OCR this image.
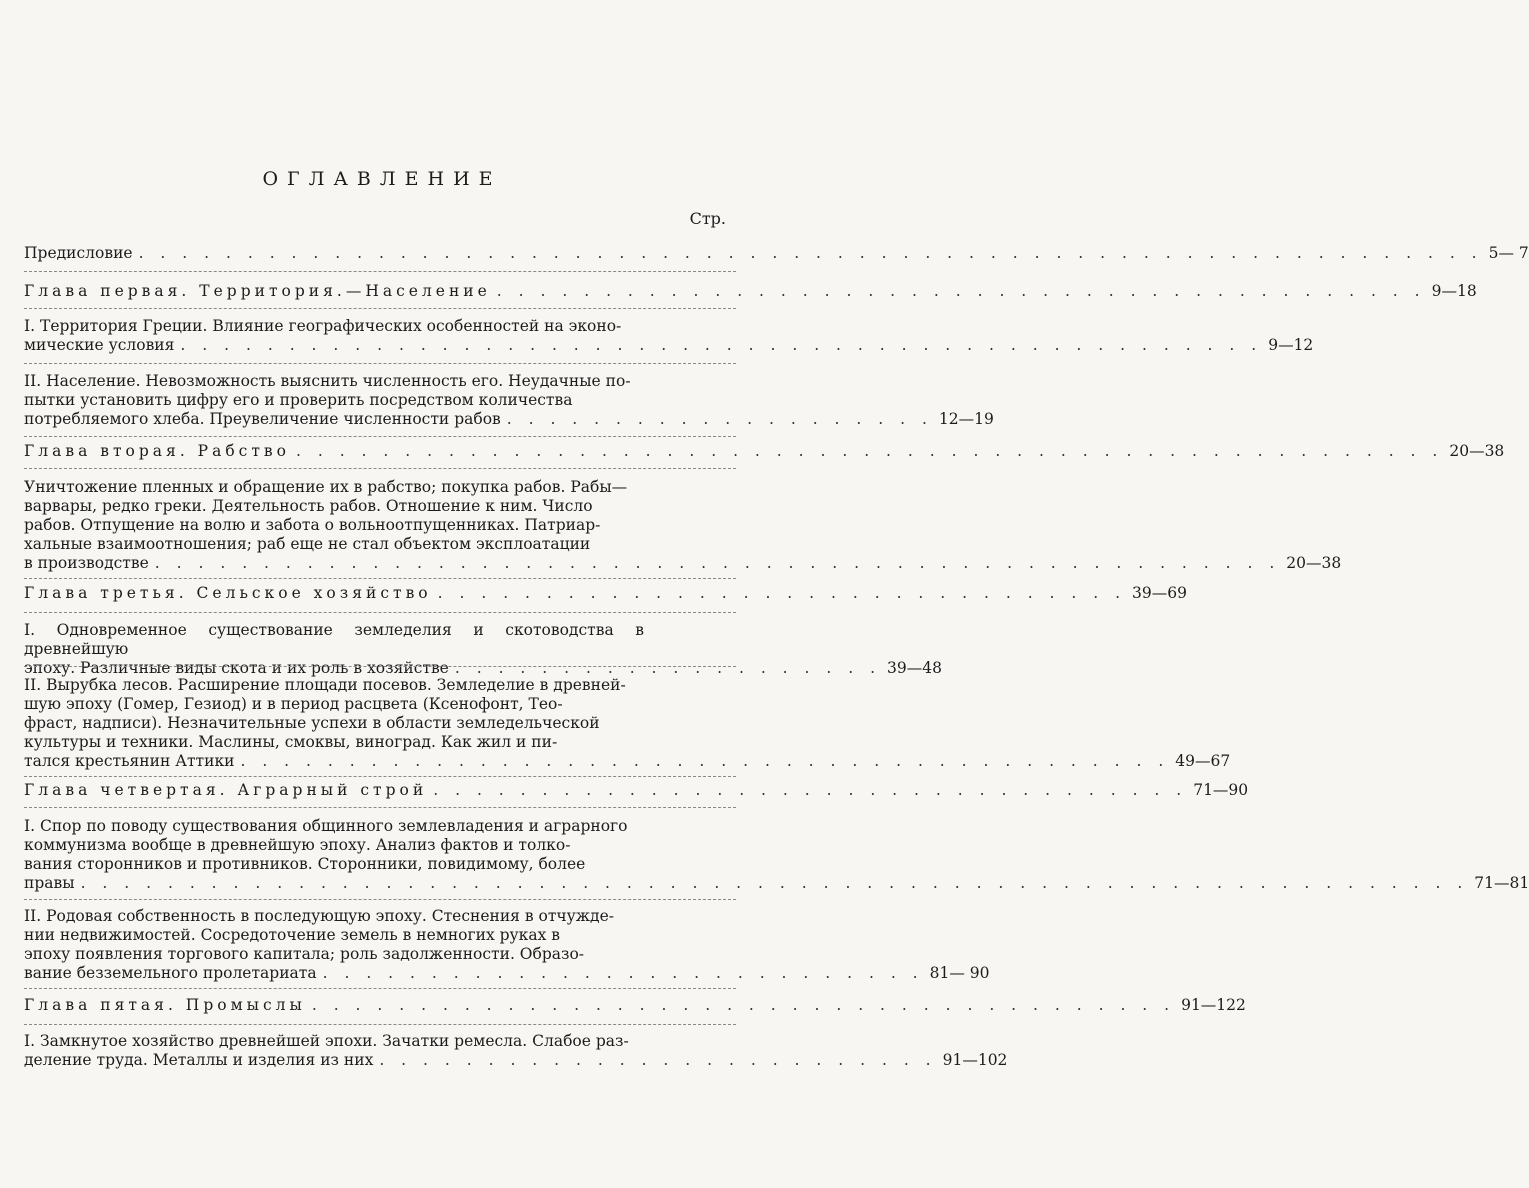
ОГЛАВЛЕНИЕ
Стр.
Предисловие . . . . . . . . . . . . . . . . . . . . . . . . . . . . . . . . . . . . . . . . . . . . . . . . . . . . . . . . . . . . . . 5— 7
Глава первая. Территория.—Население . . . . . . . . . . . . . . . . . . . . . . . . . . . . . . . . . . . . . . . . . . . 9—18
I. Территория Греции. Влияние географических особенностей на эконо-
мические условия . . . . . . . . . . . . . . . . . . . . . . . . . . . . . . . . . . . . . . . . . . . . . . . . . . 9—12
II. Население. Невозможность выяснить численность его. Неудачные по-
пытки установить цифру его и проверить посредством количества
потребляемого хлеба. Преувеличение численности рабов . . . . . . . . . . . . . . . . . . . . 12—19
Глава вторая. Рабство . . . . . . . . . . . . . . . . . . . . . . . . . . . . . . . . . . . . . . . . . . . . . . . . . . . . . 20—38
Уничтожение пленных и обращение их в рабство; покупка рабов. Рабы—
варвары, редко греки. Деятельность рабов. Отношение к ним. Число
рабов. Отпущение на волю и забота о вольноотпущенниках. Патриар-
хальные взаимоотношения; раб еще не стал объектом эксплоатации
в производстве . . . . . . . . . . . . . . . . . . . . . . . . . . . . . . . . . . . . . . . . . . . . . . . . . . . . 20—38
Глава третья. Сельское хозяйство . . . . . . . . . . . . . . . . . . . . . . . . . . . . . . . . 39—69
I. Одновременное существование земледелия и скотоводства в древнейшую
эпоху. Различные виды скота и их роль в хозяйстве . . . . . . . . . . . . . . . . . . . . 39—48
II. Вырубка лесов. Расширение площади посевов. Земледелие в древней-
шую эпоху (Гомер, Гезиод) и в период расцвета (Ксенофонт, Тео-
фраст, надписи). Незначительные успехи в области земледельческой
культуры и техники. Маслины, смоквы, виноград. Как жил и пи-
тался крестьянин Аттики . . . . . . . . . . . . . . . . . . . . . . . . . . . . . . . . . . . . . . . . . . . 49—67
Глава четвертая. Аграрный строй . . . . . . . . . . . . . . . . . . . . . . . . . . . . . . . . . . . 71—90
I. Спор по поводу существования общинного землевладения и аграрного
коммунизма вообще в древнейшую эпоху. Анализ фактов и толко-
вания сторонников и противников. Сторонники, повидимому, более
правы . . . . . . . . . . . . . . . . . . . . . . . . . . . . . . . . . . . . . . . . . . . . . . . . . . . . . . . . . . . . . . . . 71—81
II. Родовая собственность в последующую эпоху. Стеснения в отчужде-
нии недвижимостей. Сосредоточение земель в немногих руках в
эпоху появления торгового капитала; роль задолженности. Образо-
вание безземельного пролетариата . . . . . . . . . . . . . . . . . . . . . . . . . . . . 81— 90
Глава пятая. Промыслы . . . . . . . . . . . . . . . . . . . . . . . . . . . . . . . . . . . . . . . . 91—122
I. Замкнутое хозяйство древнейшей эпохи. Зачатки ремесла. Слабое раз-
деление труда. Металлы и изделия из них . . . . . . . . . . . . . . . . . . . . . . . . . . 91—102
